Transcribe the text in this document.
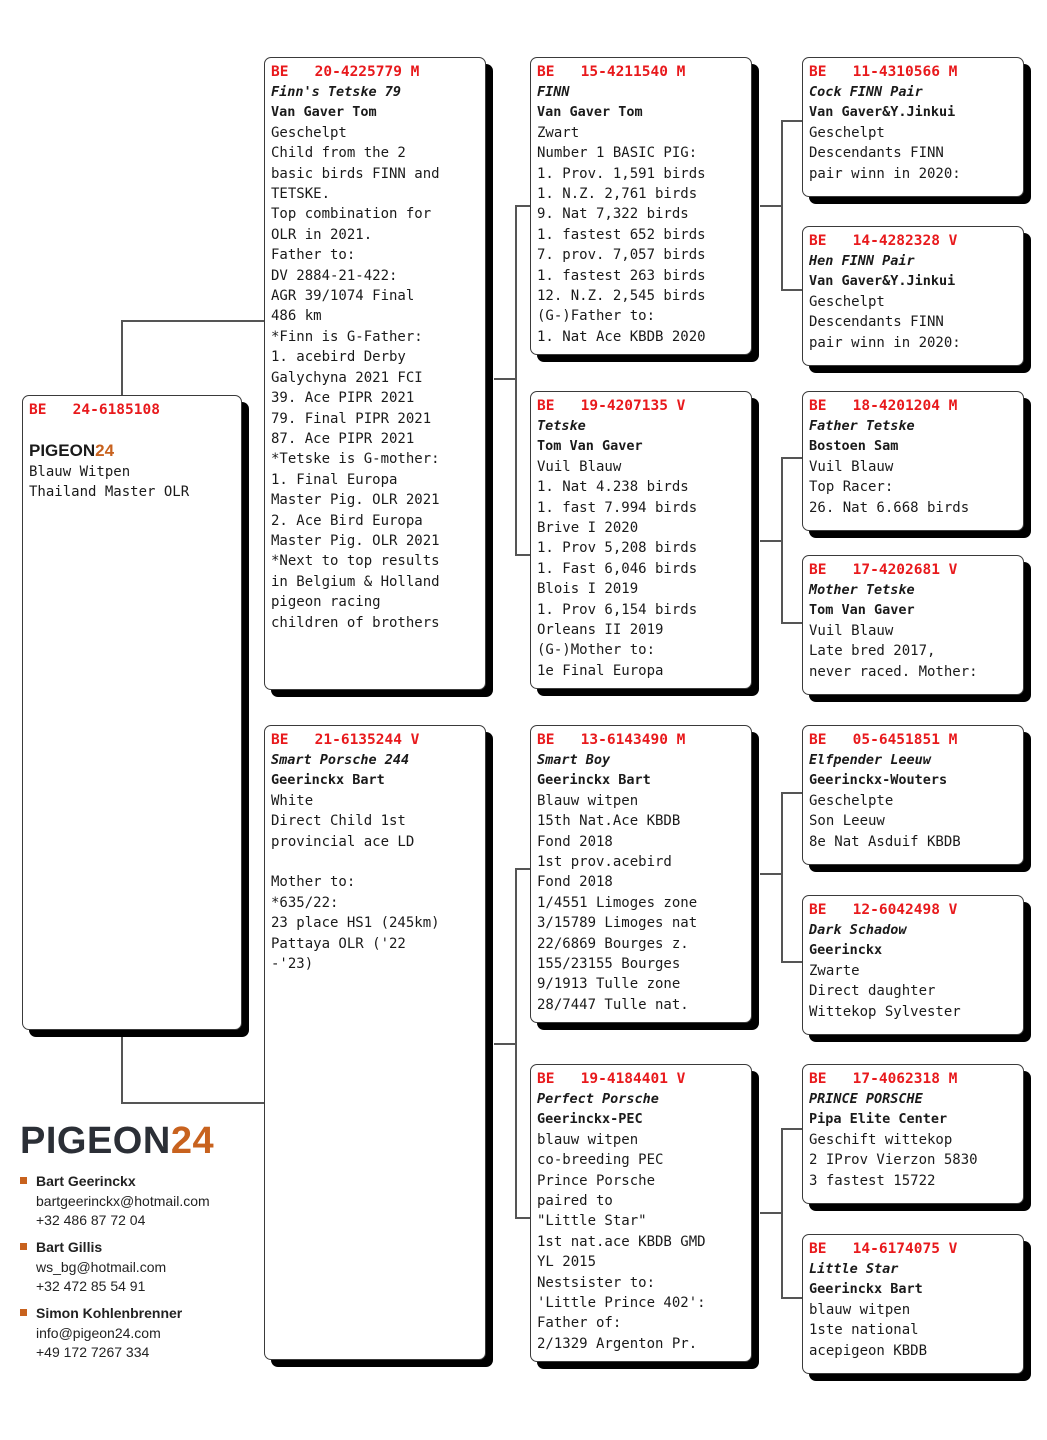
BE   24-6185108
PIGEON24
Blauw Witpen
Thailand Master OLR
BE   20-4225779 M
Finn's Tetske 79
Van Gaver Tom
Geschelpt
Child from the 2
basic birds FINN and
TETSKE.
Top combination for
OLR in 2021.
Father to:
DV 2884-21-422:
AGR 39/1074 Final
486 km
*Finn is G-Father:
1. acebird Derby
Galychyna 2021 FCI
39. Ace PIPR 2021
79. Final PIPR 2021
87. Ace PIPR 2021
*Tetske is G-mother:
1. Final Europa
Master Pig. OLR 2021
2. Ace Bird Europa
Master Pig. OLR 2021
*Next to top results
in Belgium & Holland
pigeon racing
children of brothers
BE   21-6135244 V
Smart Porsche 244
Geerinckx Bart
White
Direct Child 1st
provincial ace LD

Mother to:
*635/22:
23 place HS1 (245km)
Pattaya OLR ('22
-'23)
BE   15-4211540 M
FINN
Van Gaver Tom
Zwart
Number 1 BASIC PIG:
1. Prov. 1,591 birds
1. N.Z. 2,761 birds
9. Nat 7,322 birds
1. fastest 652 birds
7. prov. 7,057 birds
1. fastest 263 birds
12. N.Z. 2,545 birds
(G-)Father to:
1. Nat Ace KBDB 2020
BE   19-4207135 V
Tetske
Tom Van Gaver
Vuil Blauw
1. Nat 4.238 birds
1. fast 7.994 birds
Brive I 2020
1. Prov 5,208 birds
1. Fast 6,046 birds
Blois I 2019
1. Prov 6,154 birds
Orleans II 2019
(G-)Mother to:
1e Final Europa
BE   13-6143490 M
Smart Boy
Geerinckx Bart
Blauw witpen
15th Nat.Ace KBDB
Fond 2018
1st prov.acebird
Fond 2018
1/4551 Limoges zone
3/15789 Limoges nat
22/6869 Bourges z.
155/23155 Bourges
9/1913 Tulle zone
28/7447 Tulle nat.
BE   19-4184401 V
Perfect Porsche
Geerinckx-PEC
blauw witpen
co-breeding PEC
Prince Porsche
paired to
"Little Star"
1st nat.ace KBDB GMD
YL 2015
Nestsister to:
'Little Prince 402':
Father of:
2/1329 Argenton Pr.
BE   11-4310566 M
Cock FINN Pair
Van Gaver&Y.Jinkui
Geschelpt
Descendants FINN
pair winn in 2020:
BE   14-4282328 V
Hen FINN Pair
Van Gaver&Y.Jinkui
Geschelpt
Descendants FINN
pair winn in 2020:
BE   18-4201204 M
Father Tetske
Bostoen Sam
Vuil Blauw
Top Racer:
26. Nat 6.668 birds
BE   17-4202681 V
Mother Tetske
Tom Van Gaver
Vuil Blauw
Late bred 2017,
never raced. Mother:
BE   05-6451851 M
Elfpender Leeuw
Geerinckx-Wouters
Geschelpte
Son Leeuw
8e Nat Asduif KBDB
BE   12-6042498 V
Dark Schadow
Geerinckx
Zwarte
Direct daughter
Wittekop Sylvester
BE   17-4062318 M
PRINCE PORSCHE
Pipa Elite Center
Geschift wittekop
2 IProv Vierzon 5830
3 fastest 15722
BE   14-6174075 V
Little Star
Geerinckx Bart
blauw witpen
1ste national
acepigeon KBDB
PIGEON24
Bart Geerinckx
bartgeerinckx@hotmail.com
+32 486 87 72 04
Bart Gillis
ws_bg@hotmail.com
+32 472 85 54 91
Simon Kohlenbrenner
info@pigeon24.com
+49 172 7267 334
